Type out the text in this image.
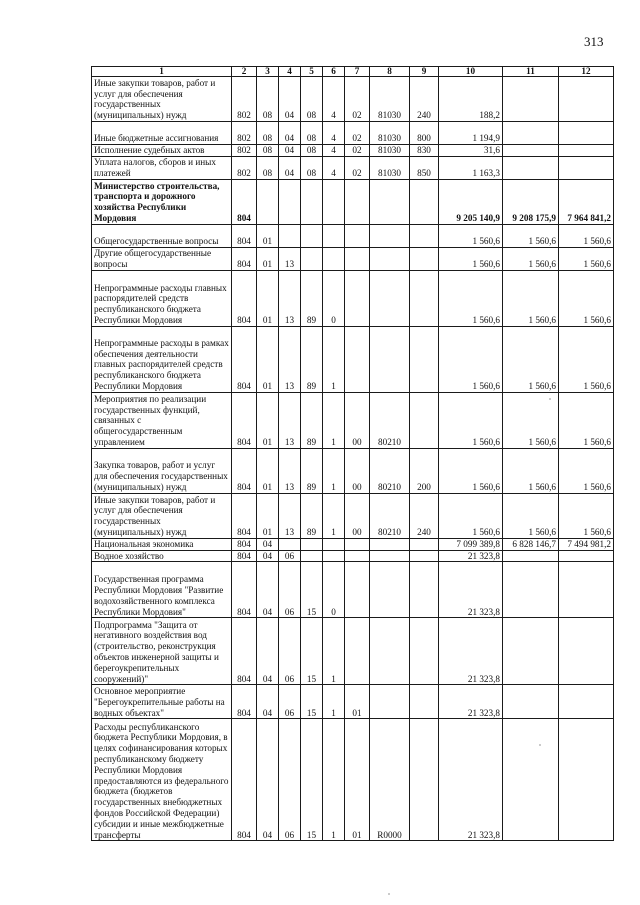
313
1	2	3	4	5	6	7	8	9	10	11	12
Иные закупки товаров, работ и услуг для обеспечения государственных (муниципальных) нужд	802	08	04	08	4	02	81030	240	188,2		
Иные бюджетные ассигнования	802	08	04	08	4	02	81030	800	1 194,9		
Исполнение судебных актов	802	08	04	08	4	02	81030	830	31,6		
Уплата налогов, сборов и иных платежей	802	08	04	08	4	02	81030	850	1 163,3		
Министерство строительства, транспорта и дорожного хозяйства Республики Мордовия	804								9 205 140,9	9 208 175,9	7 964 841,2
Общегосударственные вопросы	804	01							1 560,6	1 560,6	1 560,6
Другие общегосударственные вопросы	804	01	13						1 560,6	1 560,6	1 560,6
Непрограммные расходы главных распорядителей средств республиканского бюджета Республики Мордовия	804	01	13	89	0				1 560,6	1 560,6	1 560,6
Непрограммные расходы в рамках обеспечения деятельности главных распорядителей средств республиканского бюджета Республики Мордовия	804	01	13	89	1				1 560,6	1 560,6	1 560,6
Мероприятия по реализации государственных функций, связанных с общегосударственным управлением	804	01	13	89	1	00	80210		1 560,6	1 560,6	1 560,6
Закупка товаров, работ и услуг для обеспечения государственных (муниципальных) нужд	804	01	13	89	1	00	80210	200	1 560,6	1 560,6	1 560,6
Иные закупки товаров, работ и услуг для обеспечения государственных (муниципальных) нужд	804	01	13	89	1	00	80210	240	1 560,6	1 560,6	1 560,6
Национальная экономика	804	04							7 099 389,8	6 828 146,7	7 494 981,2
Водное хозяйство	804	04	06						21 323,8		
Государственная программа Республики Мордовия "Развитие водохозяйственного комплекса Республики Мордовия"	804	04	06	15	0				21 323,8		
Подпрограмма "Защита от негативного воздействия вод (строительство, реконструкция объектов инженерной защиты и берегоукрепительных сооружений)"	804	04	06	15	1				21 323,8		
Основное мероприятие "Берегоукрепительные работы на водных объектах"	804	04	06	15	1	01			21 323,8		
Расходы республиканского бюджета Республики Мордовия, в целях софинансирования которых республиканскому бюджету Республики Мордовия предоставляются из федерального бюджета (бюджетов государственных внебюджетных фондов Российской Федерации) субсидии и иные межбюджетные трансферты	804	04	06	15	1	01	R0000		21 323,8		
